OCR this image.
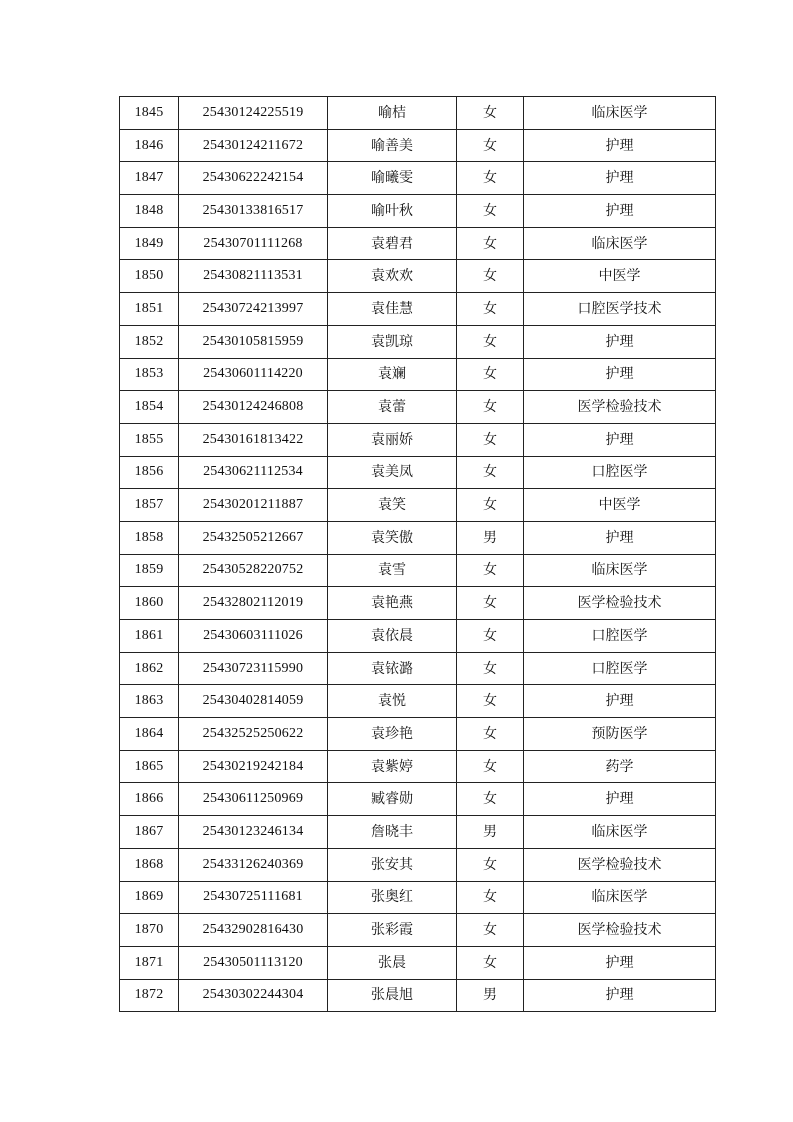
1845	25430124225519	喻桔	女	临床医学
1846	25430124211672	喻善美	女	护理
1847	25430622242154	喻曦雯	女	护理
1848	25430133816517	喻叶秋	女	护理
1849	25430701111268	袁碧君	女	临床医学
1850	25430821113531	袁欢欢	女	中医学
1851	25430724213997	袁佳慧	女	口腔医学技术
1852	25430105815959	袁凯琼	女	护理
1853	25430601114220	袁斓	女	护理
1854	25430124246808	袁蕾	女	医学检验技术
1855	25430161813422	袁丽娇	女	护理
1856	25430621112534	袁美凤	女	口腔医学
1857	25430201211887	袁笑	女	中医学
1858	25432505212667	袁笑傲	男	护理
1859	25430528220752	袁雪	女	临床医学
1860	25432802112019	袁艳燕	女	医学检验技术
1861	25430603111026	袁依晨	女	口腔医学
1862	25430723115990	袁铱潞	女	口腔医学
1863	25430402814059	袁悦	女	护理
1864	25432525250622	袁珍艳	女	预防医学
1865	25430219242184	袁紫婷	女	药学
1866	25430611250969	臧睿勋	女	护理
1867	25430123246134	詹晓丰	男	临床医学
1868	25433126240369	张安其	女	医学检验技术
1869	25430725111681	张奥红	女	临床医学
1870	25432902816430	张彩霞	女	医学检验技术
1871	25430501113120	张晨	女	护理
1872	25430302244304	张晨旭	男	护理
